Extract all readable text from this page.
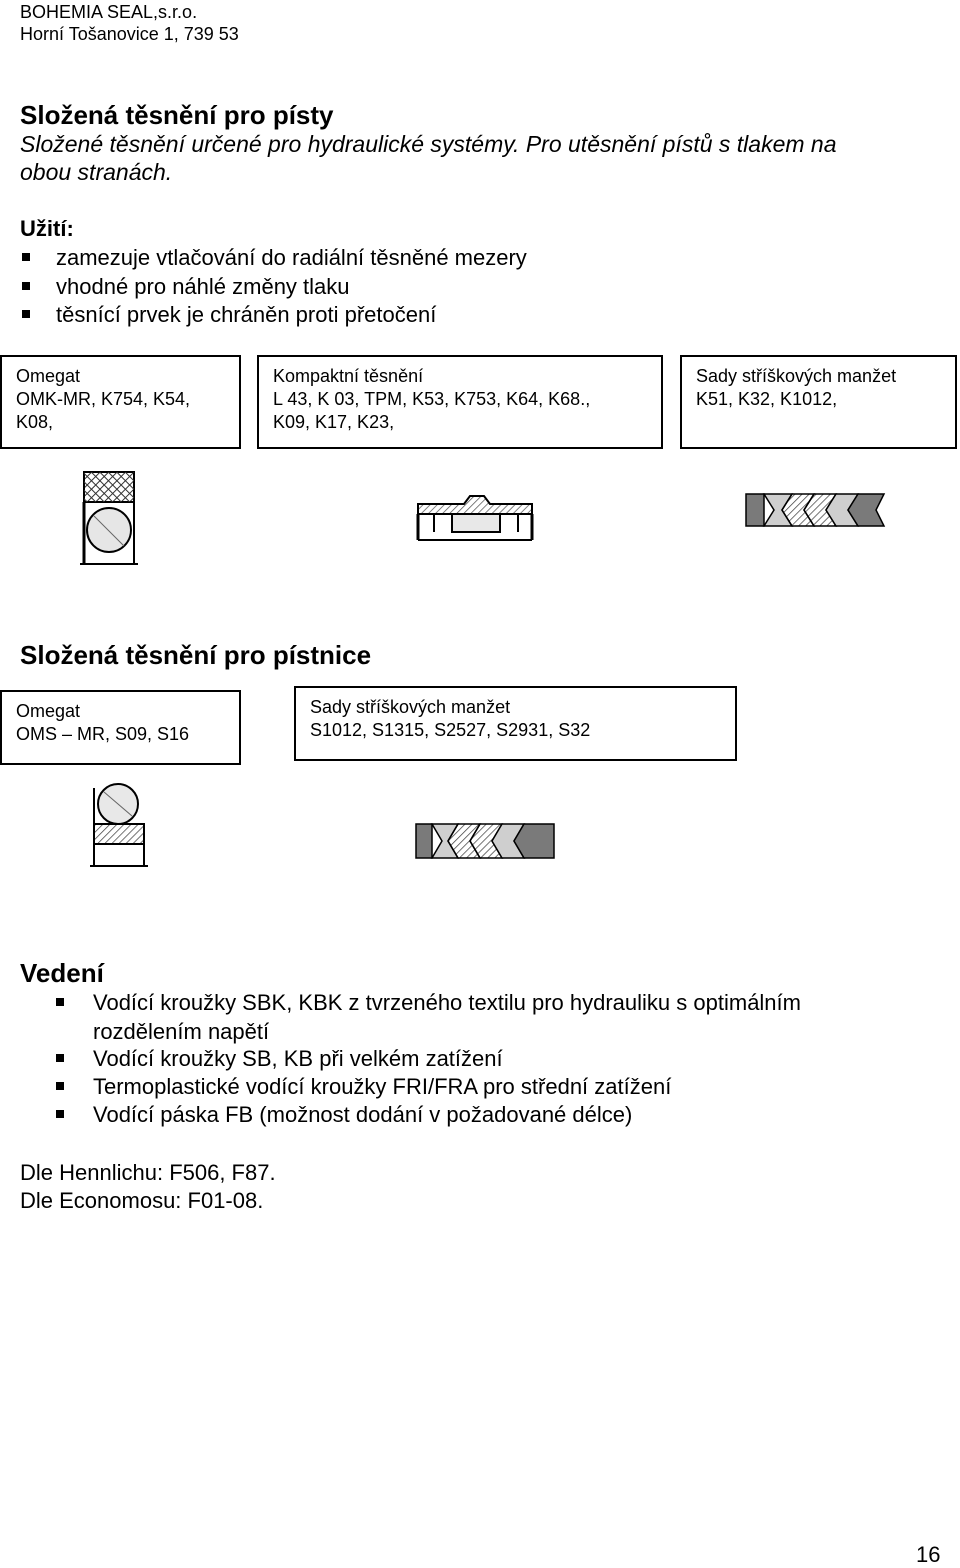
BOHEMIA SEAL,s.r.o.
Horní Tošanovice 1, 739 53
Složená těsnění pro písty
Složené těsnění určené pro hydraulické systémy. Pro utěsnění pístů s tlakem na
obou stranách.
Užití:
zamezuje vtlačování do radiální těsněné mezery
vhodné pro náhlé změny tlaku
těsnící prvek je chráněn proti přetočení
Omegat
OMK-MR, K754, K54,
K08,
Kompaktní těsnění
L 43, K 03, TPM, K53, K753, K64, K68.,
K09, K17, K23,
Sady stříškových manžet
K51, K32, K1012,
Složená těsnění pro pístnice
Omegat
OMS – MR, S09, S16
Sady stříškových manžet
S1012, S1315, S2527, S2931, S32
Vedení
Vodící kroužky SBK, KBK z tvrzeného textilu pro hydrauliku s optimálním
rozdělením napětí
Vodící kroužky SB, KB při velkém zatížení
Termoplastické vodící kroužky FRI/FRA pro střední zatížení
Vodící páska FB (možnost dodání v požadované délce)
Dle Hennlichu: F506, F87.
Dle Economosu: F01-08.
16
